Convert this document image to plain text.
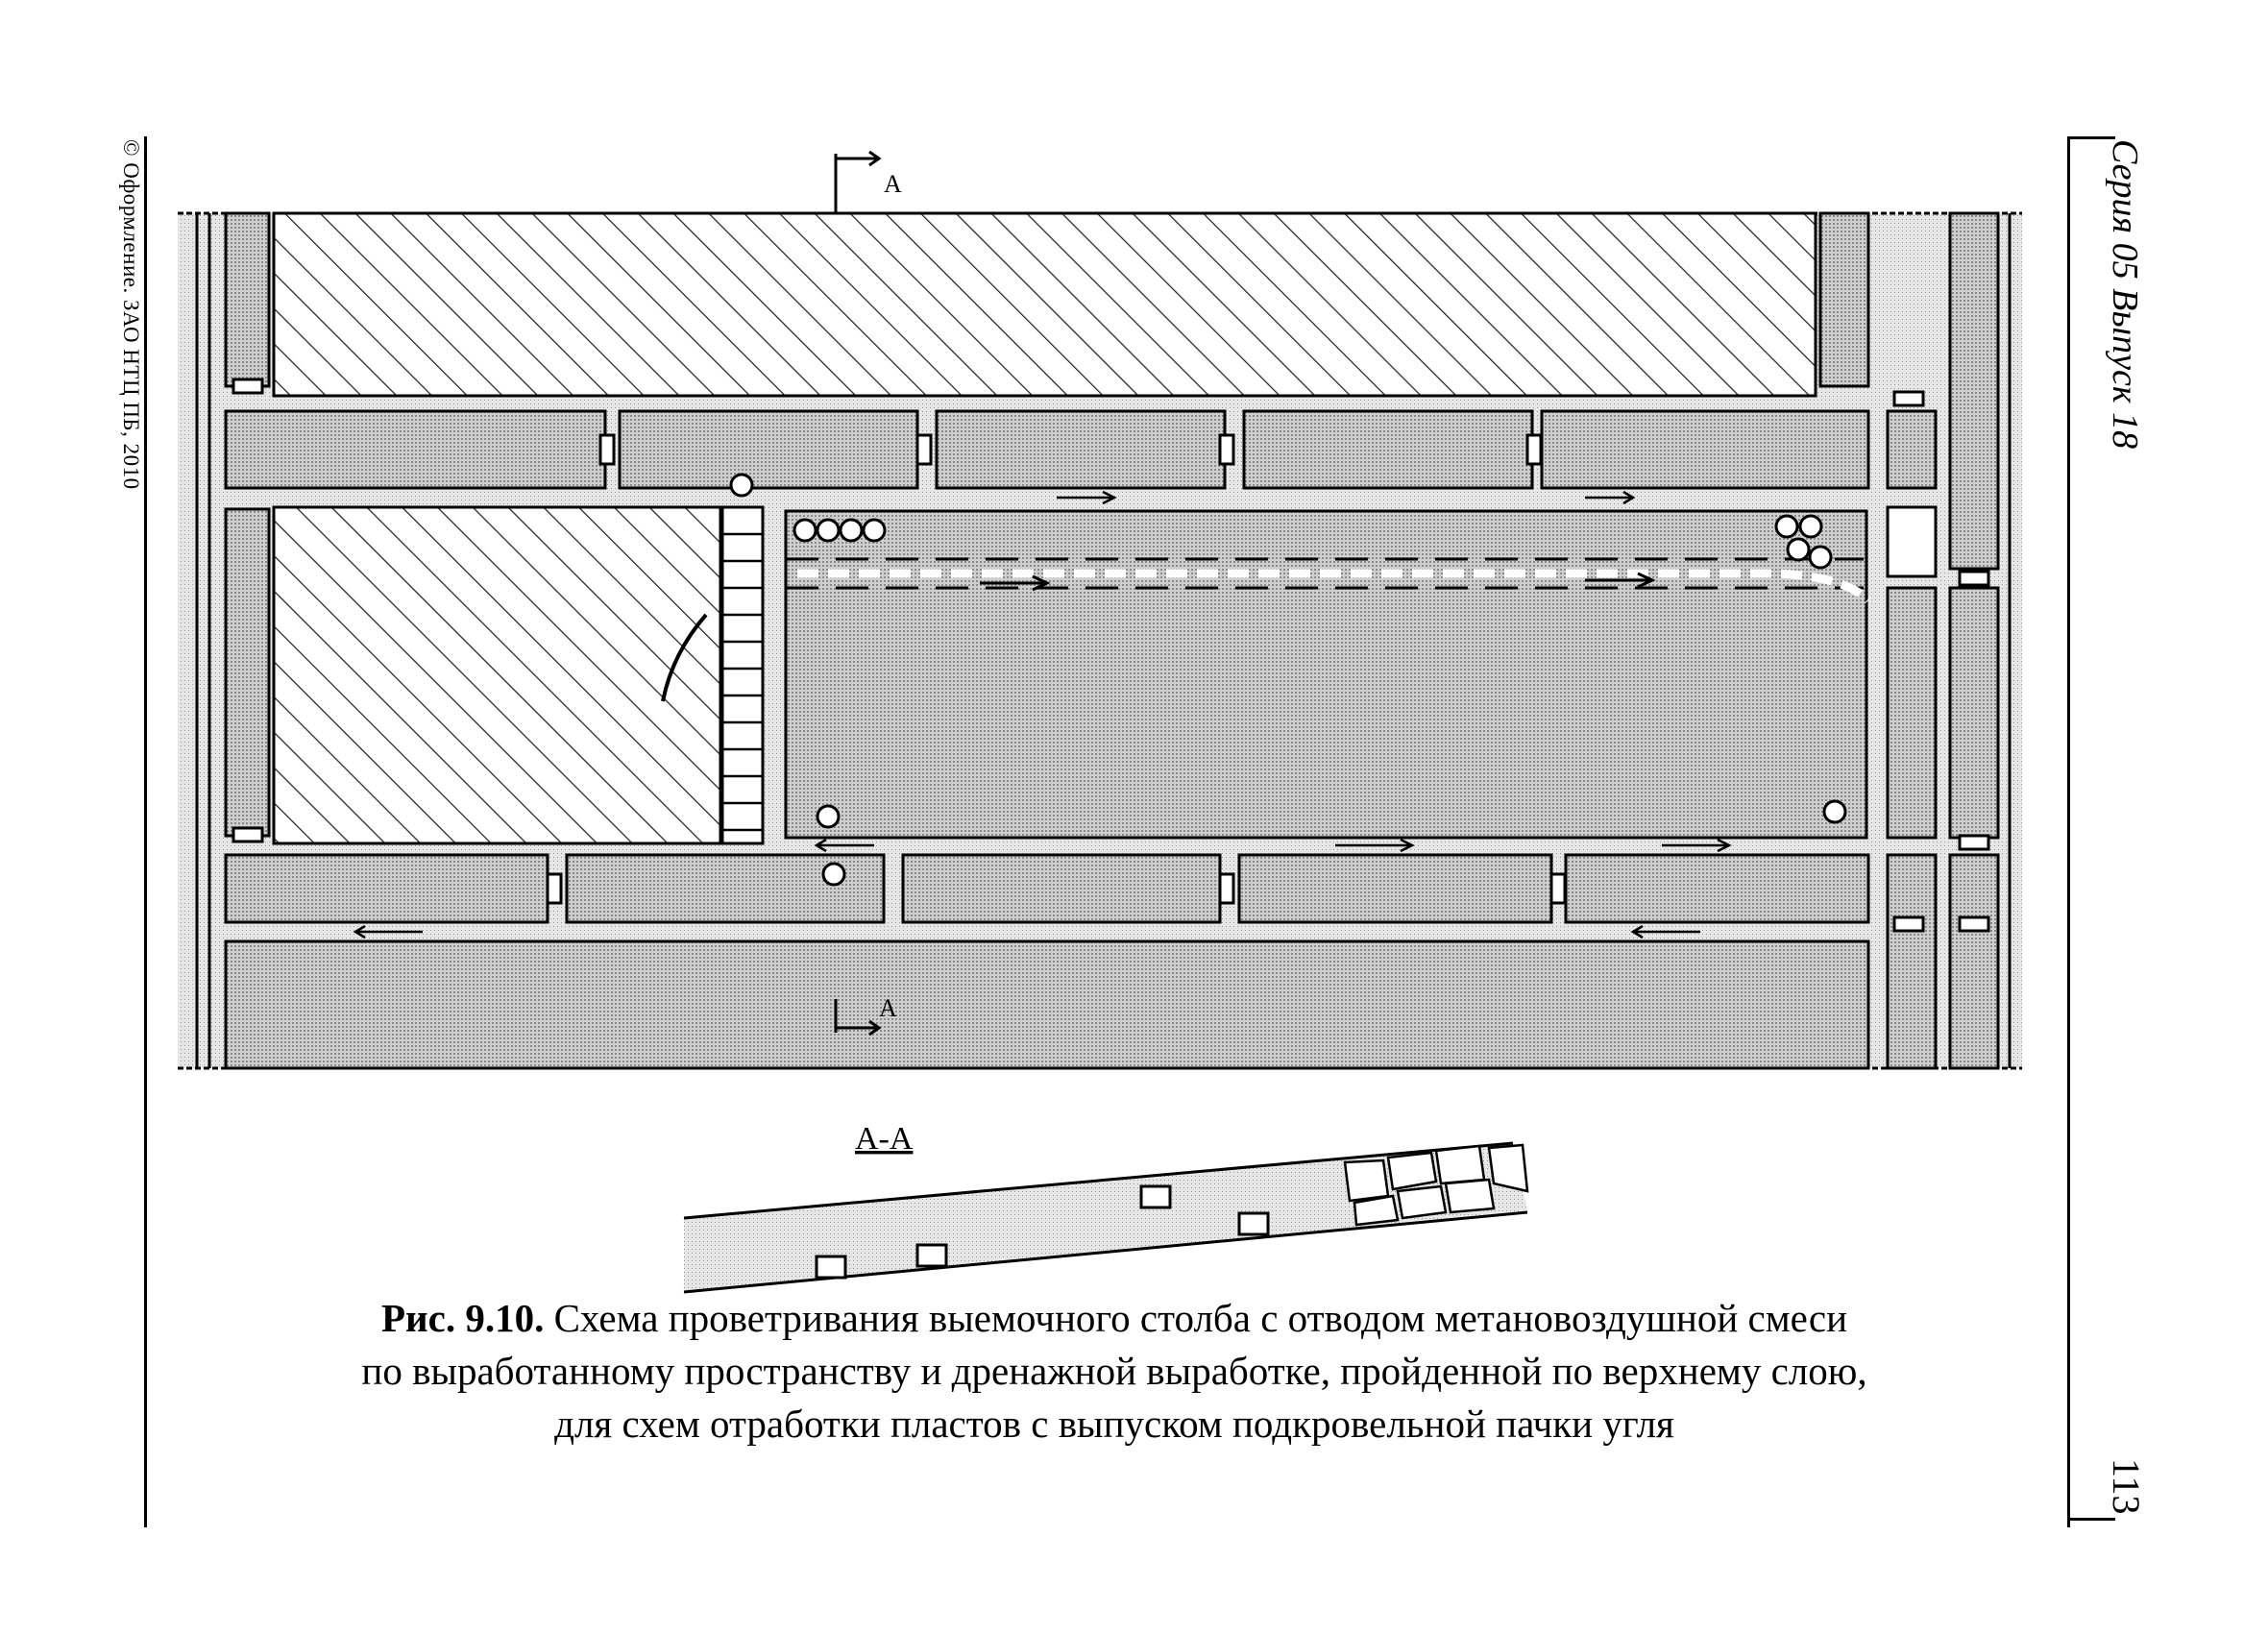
© Оформление. ЗАО НТЦ ПБ, 2010	Серия 05 Выпуск 18
113
A
A
A-A
Рис. 9.10. Схема проветривания выемочного столба с отводом метановоздушной смеси
по выработанному пространству и дренажной выработке, пройденной по верхнему слою,
для схем отработки пластов с выпуском подкровельной пачки угля
